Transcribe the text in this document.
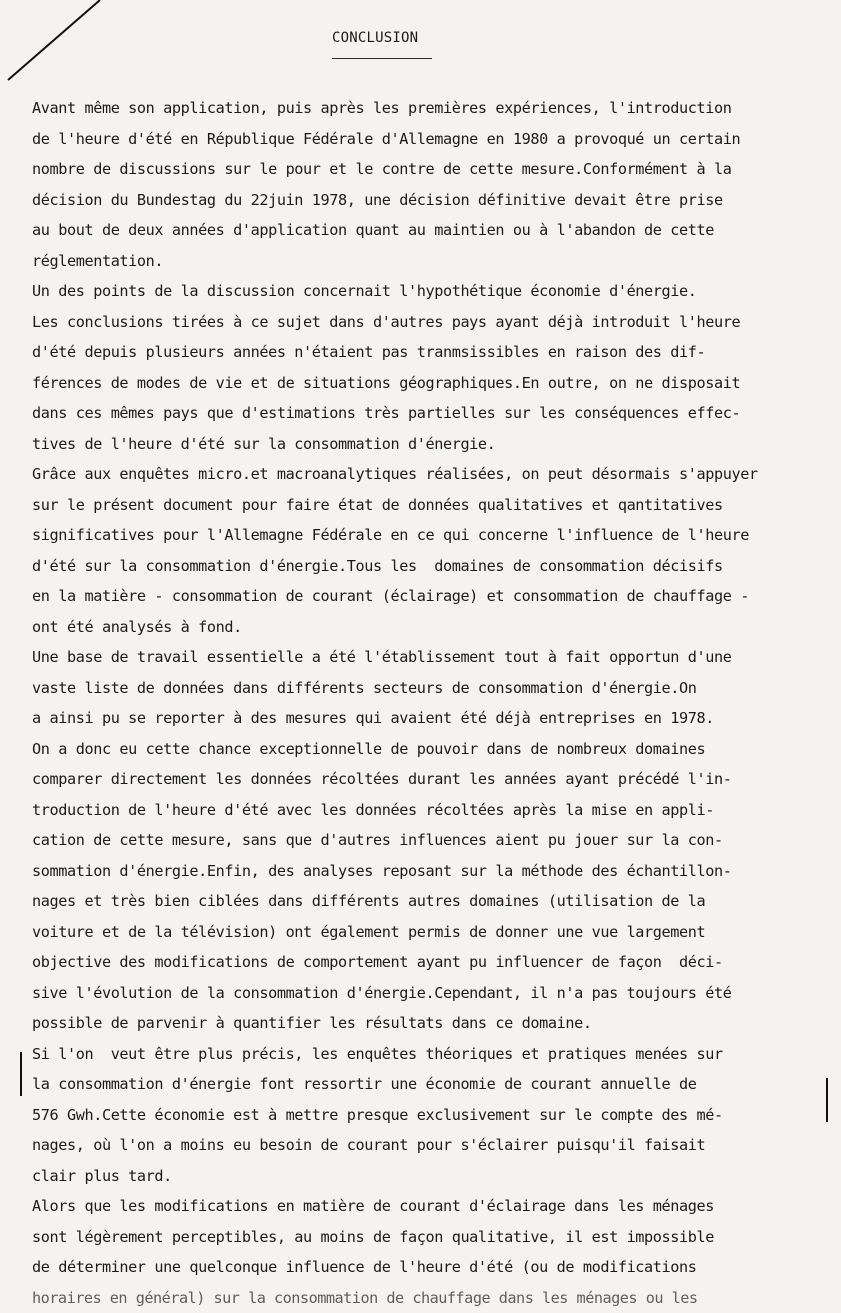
CONCLUSION
Avant même son application, puis après les premières expériences, l'introduction
de l'heure d'été en République Fédérale d'Allemagne en 1980 a provoqué un certain
nombre de discussions sur le pour et le contre de cette mesure.Conformément à la
décision du Bundestag du 22juin 1978, une décision définitive devait être prise
au bout de deux années d'application quant au maintien ou à l'abandon de cette
réglementation.
Un des points de la discussion concernait l'hypothétique économie d'énergie.
Les conclusions tirées à ce sujet dans d'autres pays ayant déjà introduit l'heure
d'été depuis plusieurs années n'étaient pas tranmsissibles en raison des dif-
férences de modes de vie et de situations géographiques.En outre, on ne disposait
dans ces mêmes pays que d'estimations très partielles sur les conséquences effec-
tives de l'heure d'été sur la consommation d'énergie.
Grâce aux enquêtes micro.et macroanalytiques réalisées, on peut désormais s'appuyer
sur le présent document pour faire état de données qualitatives et qantitatives
significatives pour l'Allemagne Fédérale en ce qui concerne l'influence de l'heure
d'été sur la consommation d'énergie.Tous les  domaines de consommation décisifs
en la matière - consommation de courant (éclairage) et consommation de chauffage -
ont été analysés à fond.
Une base de travail essentielle a été l'établissement tout à fait opportun d'une
vaste liste de données dans différents secteurs de consommation d'énergie.On
a ainsi pu se reporter à des mesures qui avaient été déjà entreprises en 1978.
On a donc eu cette chance exceptionnelle de pouvoir dans de nombreux domaines
comparer directement les données récoltées durant les années ayant précédé l'in-
troduction de l'heure d'été avec les données récoltées après la mise en appli-
cation de cette mesure, sans que d'autres influences aient pu jouer sur la con-
sommation d'énergie.Enfin, des analyses reposant sur la méthode des échantillon-
nages et très bien ciblées dans différents autres domaines (utilisation de la
voiture et de la télévision) ont également permis de donner une vue largement
objective des modifications de comportement ayant pu influencer de façon  déci-
sive l'évolution de la consommation d'énergie.Cependant, il n'a pas toujours été
possible de parvenir à quantifier les résultats dans ce domaine.
Si l'on  veut être plus précis, les enquêtes théoriques et pratiques menées sur
la consommation d'énergie font ressortir une économie de courant annuelle de
576 Gwh.Cette économie est à mettre presque exclusivement sur le compte des mé-
nages, où l'on a moins eu besoin de courant pour s'éclairer puisqu'il faisait
clair plus tard.
Alors que les modifications en matière de courant d'éclairage dans les ménages
sont légèrement perceptibles, au moins de façon qualitative, il est impossible
de déterminer une quelconque influence de l'heure d'été (ou de modifications
horaires en général) sur la consommation de chauffage dans les ménages ou les
